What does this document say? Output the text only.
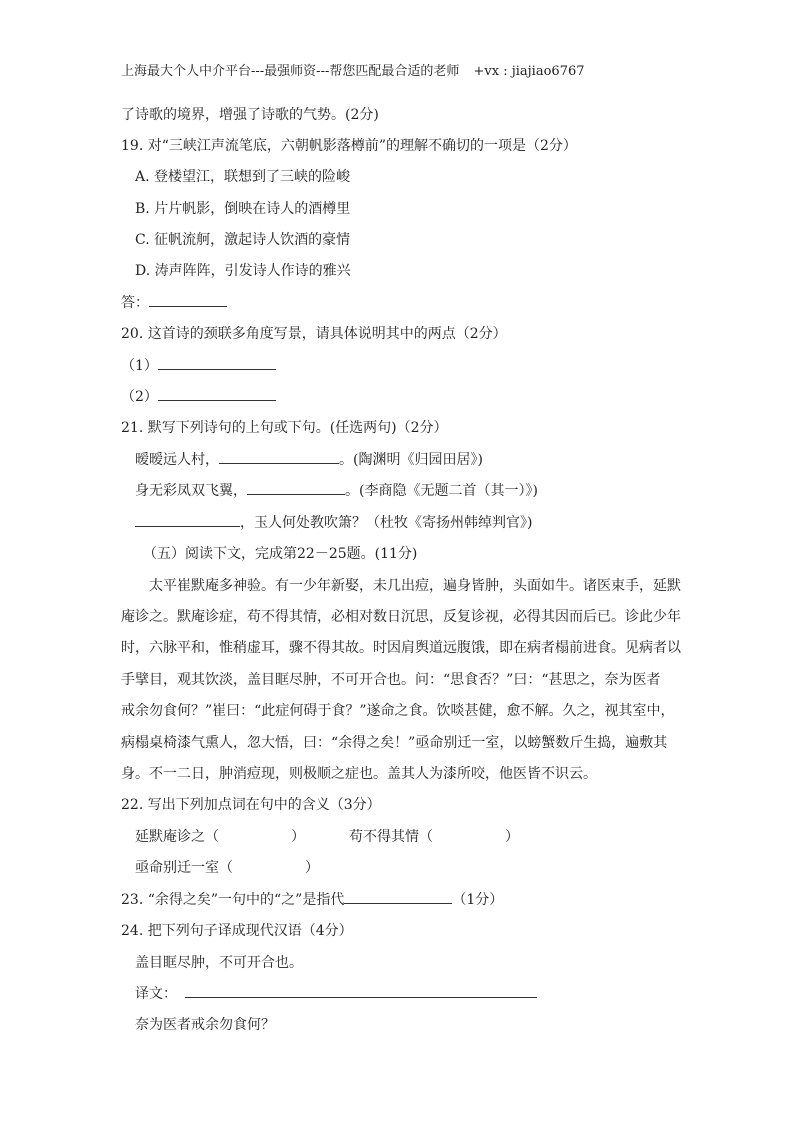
上海最大个人中介平台---最强师资---帮您匹配最合适的老师 +vx : jiajiao6767
了诗歌的境界，增强了诗歌的气势。(2分)
19. 对“三峡江声流笔底，六朝帆影落樽前”的理解不确切的一项是（2分）
A. 登楼望江，联想到了三峡的险峻
B. 片片帆影，倒映在诗人的酒樽里
C. 征帆流舸，激起诗人饮酒的豪情
D. 涛声阵阵，引发诗人作诗的雅兴
答：
20. 这首诗的颈联多角度写景，请具体说明其中的两点（2分）
（1）
（2）
21. 默写下列诗句的上句或下句。(任选两句)（2分）
暧暧远人村，	。(陶渊明《归园田居》)
身无彩凤双飞翼，	。(李商隐《无题二首（其一）》)
，玉人何处教吹箫？（杜牧《寄扬州韩绰判官》)
（五）阅读下文，完成第22－25题。(11分)
太平崔默庵多神验。有一少年新娶，未几出痘，遍身皆肿，头面如牛。诸医束手，延默
庵诊之。默庵诊症，苟不得其情，必相对数日沉思，反复诊视，必得其因而后已。诊此少年
时，六脉平和，惟稍虚耳，骤不得其故。时因肩舆道远腹饿，即在病者榻前进食。见病者以
手擘目，观其饮淡，盖目眶尽肿，不可开合也。问：“思食否？”曰：“甚思之，奈为医者
戒余勿食何？”崔曰：“此症何碍于食？”遂命之食。饮啖甚健，愈不解。久之，视其室中，
病榻桌椅漆气熏人，忽大悟，曰：“余得之矣！”亟命别迁一室，以螃蟹数斤生捣，遍敷其
身。不一二日，肿消痘现，则极顺之症也。盖其人为漆所咬，他医皆不识云。
22. 写出下列加点词在句中的含义（3分）
延默庵诊之（	）	苟不得其情（	）
亟命别迁一室（	）
23. “余得之矣”一句中的“之”是指代	（1分）
24. 把下列句子译成现代汉语（4分）
盖目眶尽肿，不可开合也。
译文：
奈为医者戒余勿食何？
